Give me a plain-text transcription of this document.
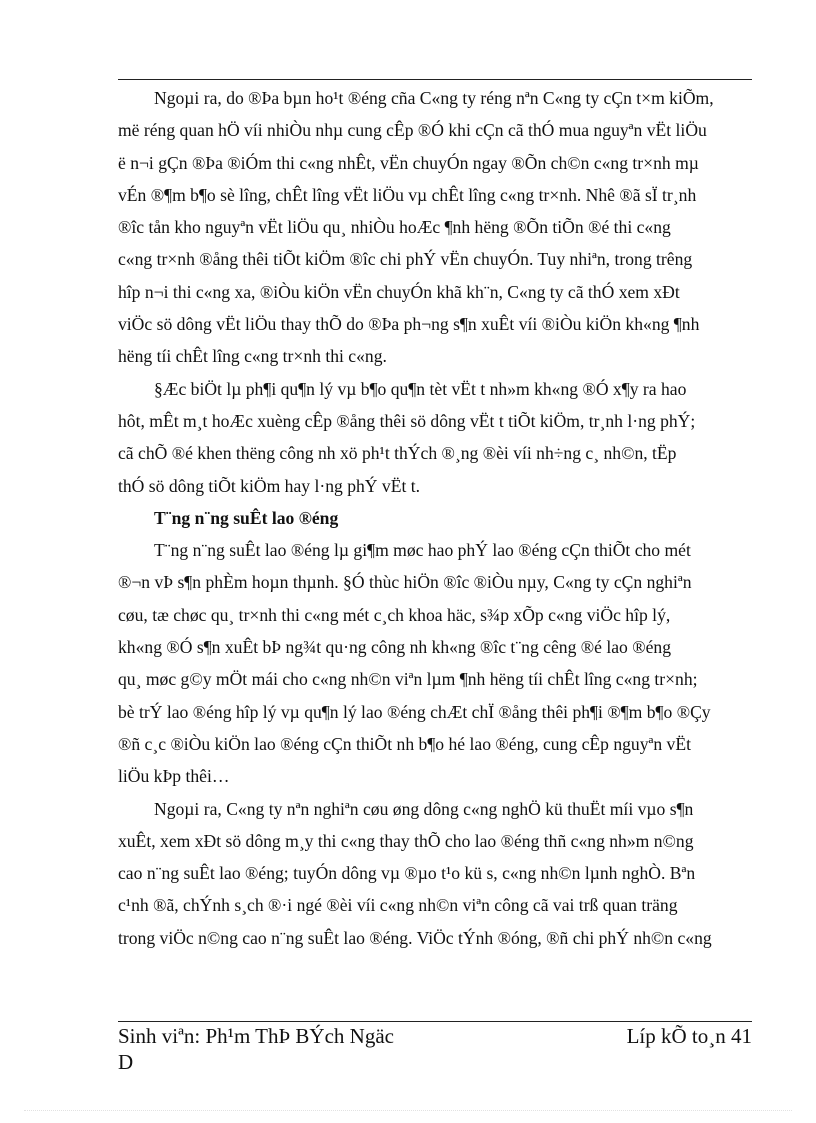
Ngoµi ra, do ®Þa bµn ho¹t ®éng cña C«ng ty réng nªn C«ng ty cÇn t×m kiÕm,
më réng quan hÖ víi nhiÒu nhµ cung cÊp ®Ó khi cÇn cã thÓ mua nguyªn vËt liÖu
ë n¬i gÇn ®Þa ®iÓm thi c«ng nhÊt, vËn chuyÓn ngay ®Õn ch©n c«ng tr×nh mµ
vÉn ®¶m b¶o sè lîng, chÊt lîng vËt liÖu vµ chÊt lîng c«ng tr×nh. Nhê ®ã sÏ tr¸nh
®îc tån kho nguyªn vËt liÖu qu¸ nhiÒu hoÆc ¶nh hëng ®Õn tiÕn ®é thi c«ng
c«ng tr×nh ®ång thêi tiÕt kiÖm ®îc chi phÝ vËn chuyÓn. Tuy nhiªn, trong trêng
hîp n¬i thi c«ng xa, ®iÒu kiÖn vËn chuyÓn khã kh¨n, C«ng ty cã thÓ xem xÐt
viÖc sö dông vËt liÖu thay thÕ do ®Þa ph¬ng s¶n xuÊt víi ®iÒu kiÖn kh«ng ¶nh
hëng tíi chÊt lîng c«ng tr×nh thi c«ng.

§Æc biÖt lµ ph¶i qu¶n lý vµ b¶o qu¶n tèt vËt t nh»m kh«ng ®Ó x¶y ra hao
hôt, mÊt m¸t hoÆc xuèng cÊp ®ång thêi sö dông vËt t tiÕt kiÖm, tr¸nh l·ng phÝ;
cã chÕ ®é khen thëng công nh xö ph¹t thÝch ®¸ng ®èi víi nh÷ng c¸ nh©n, tËp
thÓ sö dông tiÕt kiÖm hay l·ng phÝ vËt t.

T¨ng n¨ng suÊt lao ®éng

T¨ng n¨ng suÊt lao ®éng lµ gi¶m møc hao phÝ lao ®éng cÇn thiÕt cho mét
®¬n vÞ s¶n phÈm hoµn thµnh. §Ó thùc hiÖn ®îc ®iÒu nµy, C«ng ty cÇn nghiªn
cøu, tæ chøc qu¸ tr×nh thi c«ng mét c¸ch khoa häc, s¾p xÕp c«ng viÖc hîp lý,
kh«ng ®Ó s¶n xuÊt bÞ ng¾t qu·ng công nh kh«ng ®îc t¨ng cêng ®é lao ®éng
qu¸ møc g©y mÖt mái cho c«ng nh©n viªn lµm ¶nh hëng tíi chÊt lîng c«ng tr×nh;
bè trÝ lao ®éng hîp lý vµ qu¶n lý lao ®éng chÆt chÏ ®ång thêi ph¶i ®¶m b¶o ®Çy
®ñ c¸c ®iÒu kiÖn lao ®éng cÇn thiÕt nh b¶o hé lao ®éng, cung cÊp nguyªn vËt
liÖu kÞp thêi…

Ngoµi ra, C«ng ty nªn nghiªn cøu øng dông c«ng nghÖ kü thuËt míi vµo s¶n
xuÊt, xem xÐt sö dông m¸y thi c«ng thay thÕ cho lao ®éng thñ c«ng nh»m n©ng
cao n¨ng suÊt lao ®éng; tuyÓn dông vµ ®µo t¹o kü s, c«ng nh©n lµnh nghÒ. Bªn
c¹nh ®ã, chÝnh s¸ch ®·i ngé ®èi víi c«ng nh©n viªn công cã vai trß quan träng
trong viÖc n©ng cao n¨ng suÊt lao ®éng. ViÖc tÝnh ®óng, ®ñ chi phÝ nh©n c«ng

Sinh viªn: Ph¹m ThÞ BÝch Ngäc
D
Líp kÕ to¸n 41
